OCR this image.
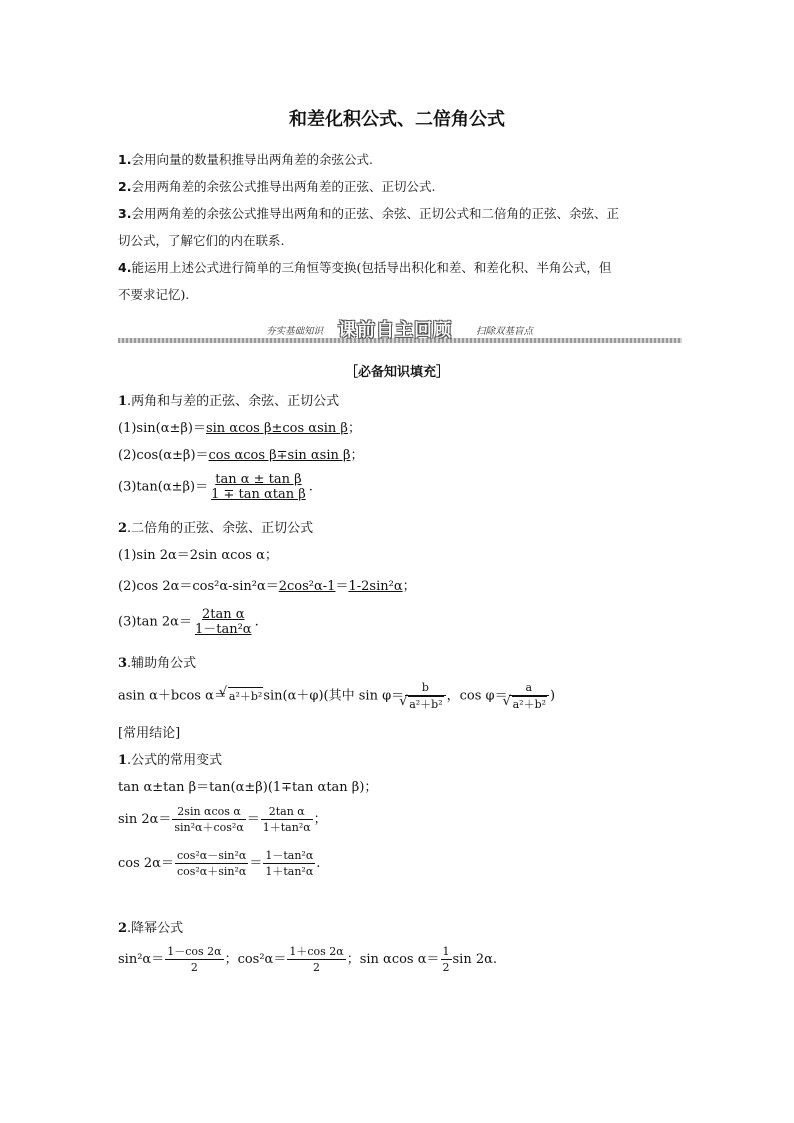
和差化积公式、二倍角公式
1.会用向量的数量积推导出两角差的余弦公式.
2.会用两角差的余弦公式推导出两角差的正弦、正切公式.
3.会用两角差的余弦公式推导出两角和的正弦、余弦、正切公式和二倍角的正弦、余弦、正
切公式，了解它们的内在联系.
4.能运用上述公式进行简单的三角恒等变换(包括导出积化和差、和差化积、半角公式，但
不要求记忆).
夯实基础知识 课前自主回顾	扫除双基盲点
［必备知识填充］
1.两角和与差的正弦、余弦、正切公式
(1)sin(α±β)＝sin αcos β±cos αsin β；
(2)cos(α±β)＝cos αcos β∓sin αsin β；
$(3)\tan(\alpha\pm\beta)= \frac{\text{tan α ± tan β}}{\text{1 ∓ tan αtan β}}$ .
2.二倍角的正弦、余弦、正切公式
(1)sin 2α＝2sin αcos α；
(2)cos 2α＝cos²α-sin²α＝2cos²α-1＝1-2sin²α；
(3)tan $2\alpha= \frac{\text{2tan α}}{\text{1－tan²α}}$ .
3.辅助角公式
asin α＋bcos α＝√ a²＋b²sin(α＋φ)(其中 sin φ＝ b
√ a²＋b² ，cos φ＝ a
√ a²＋b² )
[常用结论]
1.公式的常用变式
tan α±tan β＝tan(α±β)(1∓tan αtan β)；
$\sin 2\alpha= \frac{\text{2sin αcos α}}{\text{sin²α＋cos²α}} = \frac{\text{2tan α}}{\text{1＋tan²α}}$ ；
$\cos 2\alpha= \frac{\text{cos²α－sin²α}}{\text{cos²α＋sin²α}} = \frac{\text{1－tan²α}}{\text{1＋tan²α}}$ .
2.降幂公式
$\sin^2\alpha= \frac{1-\cos 2\alpha}{2}$ ；$\cos^2\alpha= \frac{1+\cos 2\alpha}{2}$ ；sin αcos $\alpha= \frac{1}{2}$ sin 2α.
